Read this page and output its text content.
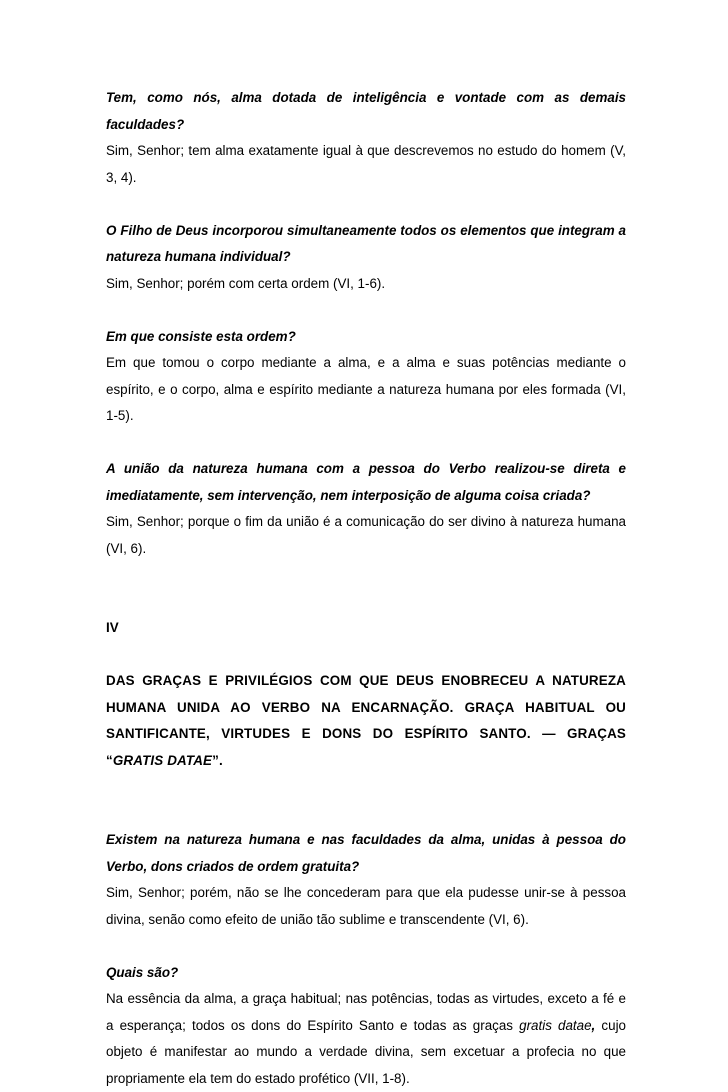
Tem, como nós, alma dotada de inteligência e vontade com as demais faculdades?

Sim, Senhor; tem alma exatamente igual à que descrevemos no estudo do homem (V, 3, 4).

O Filho de Deus incorporou simultaneamente todos os elementos que integram a natureza humana individual?

Sim, Senhor; porém com certa ordem (VI, 1-6).

Em que consiste esta ordem?

Em que tomou o corpo mediante a alma, e a alma e suas potências mediante o espírito, e o corpo, alma e espírito mediante a natureza humana por eles formada (VI, 1-5).

A união da natureza humana com a pessoa do Verbo realizou-se direta e imediatamente, sem intervenção, nem interposição de alguma coisa criada?

Sim, Senhor; porque o fim da união é a comunicação do ser divino à natureza humana (VI, 6).

IV

DAS GRAÇAS E PRIVILÉGIOS COM QUE DEUS ENOBRECEU A NATUREZA HUMANA UNIDA AO VERBO NA ENCARNAÇÃO. GRAÇA HABITUAL OU SANTIFICANTE, VIRTUDES E DONS DO ESPÍRITO SANTO. — GRAÇAS “GRATIS DATAE”.

Existem na natureza humana e nas faculdades da alma, unidas à pessoa do Verbo, dons criados de ordem gratuita?

Sim, Senhor; porém, não se lhe concederam para que ela pudesse unir-se à pessoa divina, senão como efeito de união tão sublime e transcendente (VI, 6).

Quais são?

Na essência da alma, a graça habitual; nas potências, todas as virtudes, exceto a fé e a esperança; todos os dons do Espírito Santo e todas as graças gratis datae, cujo objeto é manifestar ao mundo a verdade divina, sem excetuar a profecia no que propriamente ela tem do estado profético (VII, 1-8).
